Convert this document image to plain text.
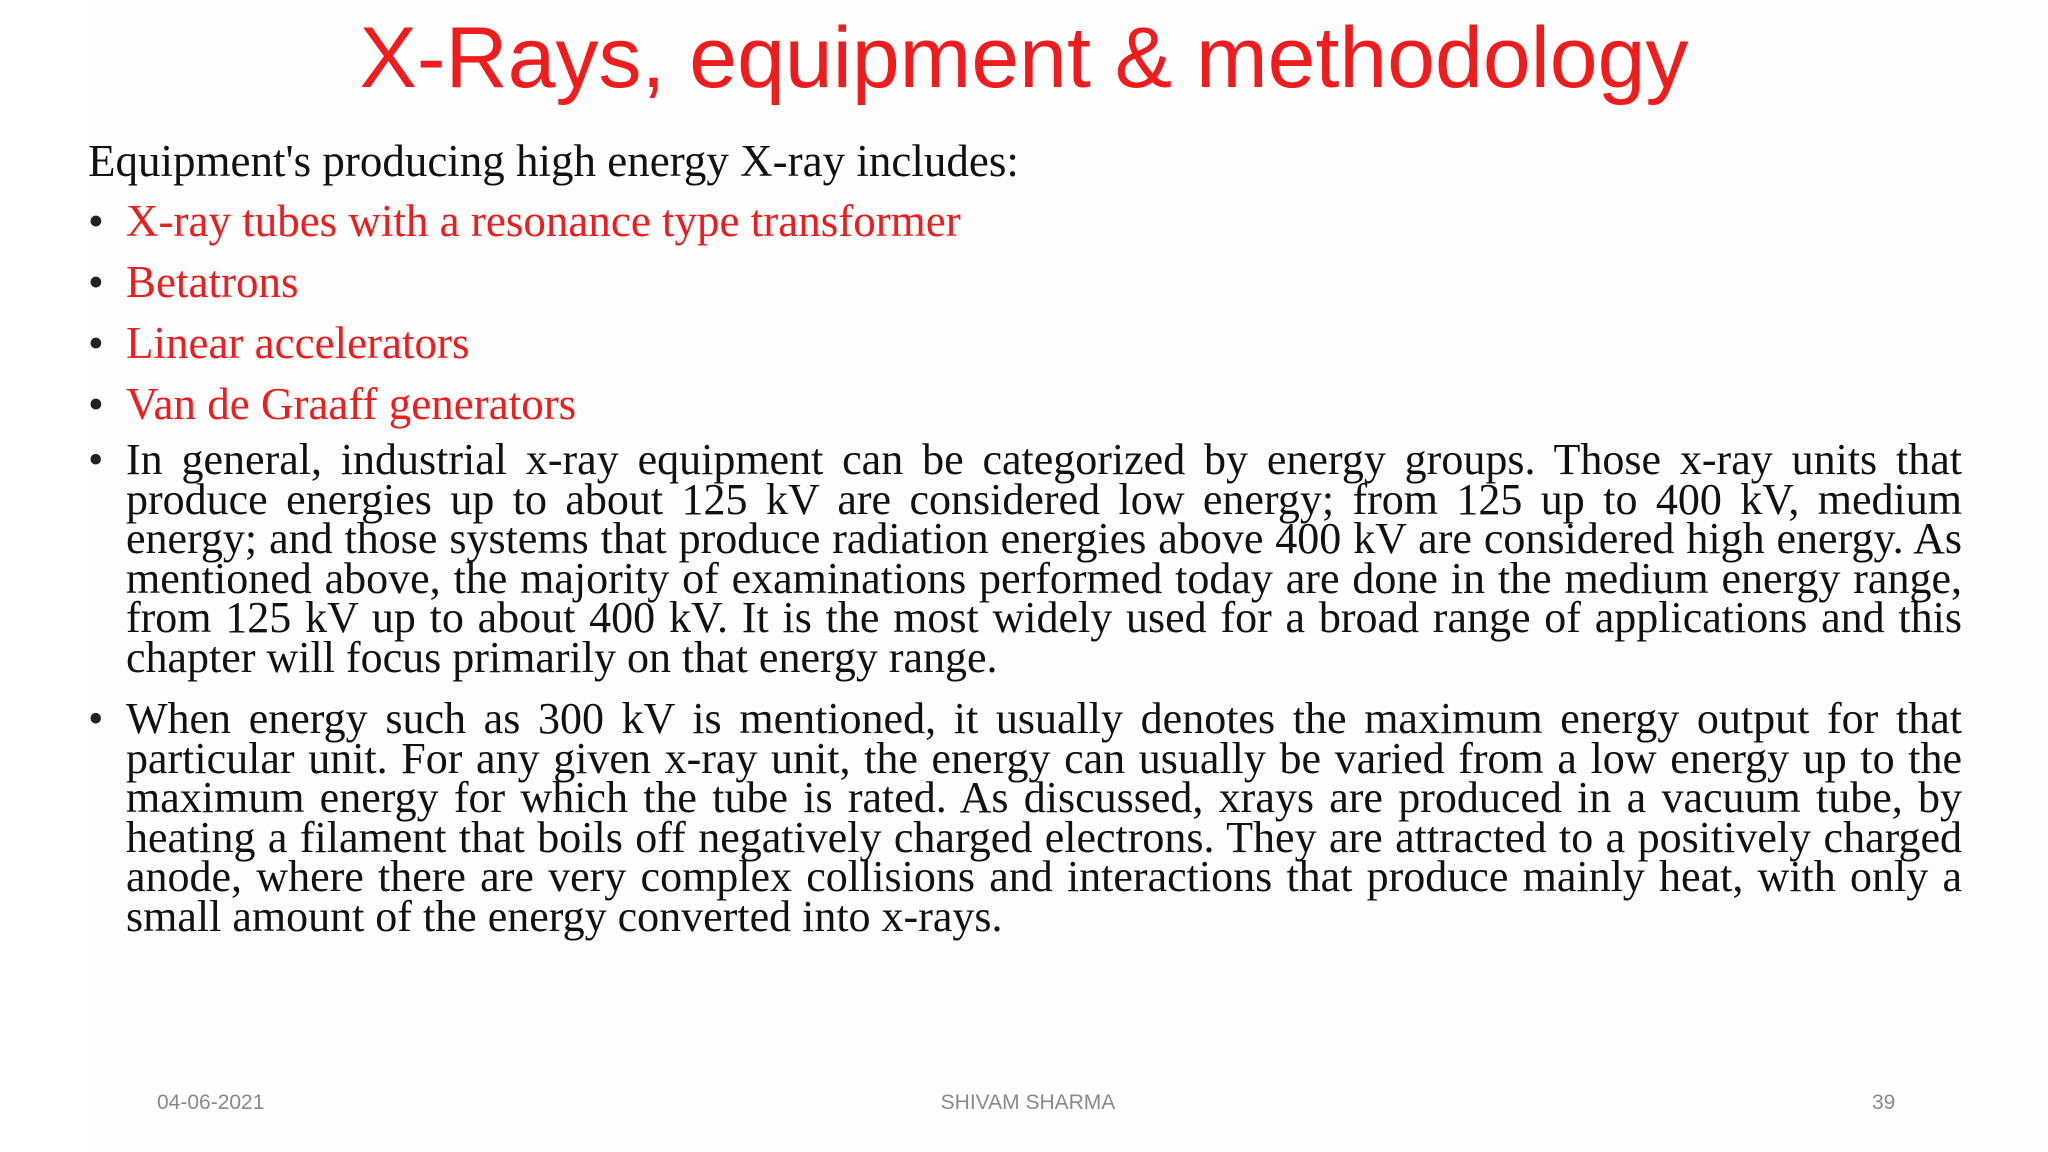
X-Rays, equipment & methodology

Equipment's producing high energy X-ray includes:

• X-ray tubes with a resonance type transformer
• Betatrons
• Linear accelerators
• Van de Graaff generators
• In general, industrial x-ray equipment can be categorized by energy groups. Those x-ray units that produce energies up to about 125 kV are considered low energy; from 125 up to 400 kV, medium energy; and those systems that produce radiation energies above 400 kV are considered high energy. As mentioned above, the majority of examinations performed today are done in the medium energy range, from 125 kV up to about 400 kV. It is the most widely used for a broad range of applications and this chapter will focus primarily on that energy range.
• When energy such as 300 kV is mentioned, it usually denotes the maximum energy output for that particular unit. For any given x-ray unit, the energy can usually be varied from a low energy up to the maximum energy for which the tube is rated. As discussed, xrays are produced in a vacuum tube, by heating a filament that boils off negatively charged electrons. They are attracted to a positively charged anode, where there are very complex collisions and interactions that produce mainly heat, with only a small amount of the energy converted into x-rays.
04-06-2021	SHIVAM SHARMA	39
